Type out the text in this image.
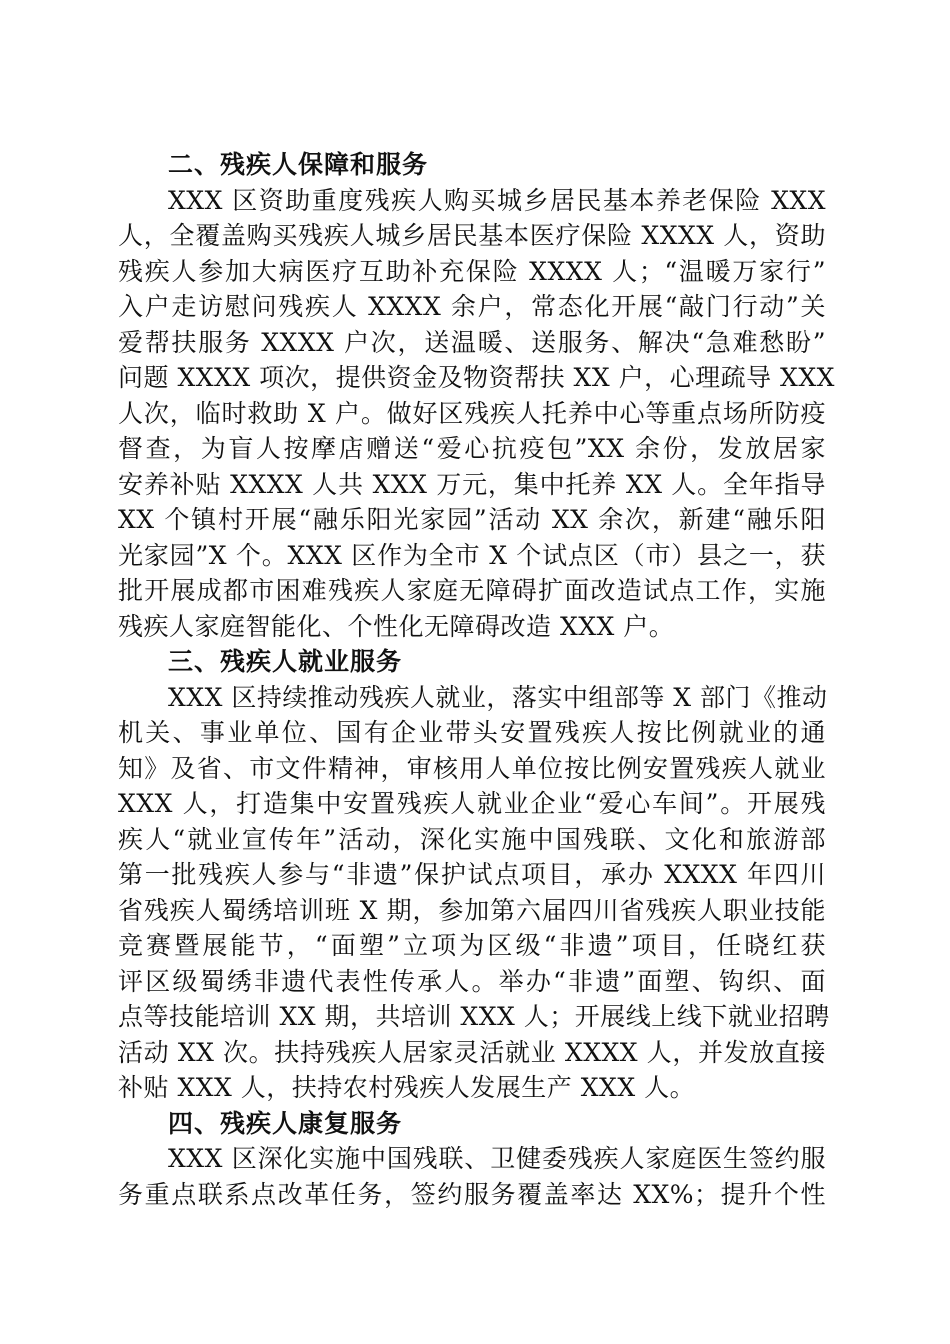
二、残疾人保障和服务
XXX 区资助重度残疾人购买城乡居民基本养老保险 XXX
人，全覆盖购买残疾人城乡居民基本医疗保险 XXXX 人，资助
残疾人参加大病医疗互助补充保险 XXXX 人；“温暖万家行”
入户走访慰问残疾人 XXXX 余户，常态化开展“敲门行动”关
爱帮扶服务 XXXX 户次，送温暖、送服务、解决“急难愁盼”
问题 XXXX 项次，提供资金及物资帮扶 XX 户，心理疏导 XXX
人次，临时救助 X 户。做好区残疾人托养中心等重点场所防疫
督查，为盲人按摩店赠送“爱心抗疫包”XX 余份，发放居家
安养补贴 XXXX 人共 XXX 万元，集中托养 XX 人。全年指导
XX 个镇村开展“融乐阳光家园”活动 XX 余次，新建“融乐阳
光家园”X 个。XXX 区作为全市 X 个试点区（市）县之一，获
批开展成都市困难残疾人家庭无障碍扩面改造试点工作，实施
残疾人家庭智能化、个性化无障碍改造 XXX 户。
三、残疾人就业服务
XXX 区持续推动残疾人就业，落实中组部等 X 部门《推动
机关、事业单位、国有企业带头安置残疾人按比例就业的通
知》及省、市文件精神，审核用人单位按比例安置残疾人就业
XXX 人，打造集中安置残疾人就业企业“爱心车间”。开展残
疾人“就业宣传年”活动，深化实施中国残联、文化和旅游部
第一批残疾人参与“非遗”保护试点项目，承办 XXXX 年四川
省残疾人蜀绣培训班 X 期，参加第六届四川省残疾人职业技能
竞赛暨展能节，“面塑”立项为区级“非遗”项目，任晓红获
评区级蜀绣非遗代表性传承人。举办“非遗”面塑、钩织、面
点等技能培训 XX 期，共培训 XXX 人；开展线上线下就业招聘
活动 XX 次。扶持残疾人居家灵活就业 XXXX 人，并发放直接
补贴 XXX 人，扶持农村残疾人发展生产 XXX 人。
四、残疾人康复服务
XXX 区深化实施中国残联、卫健委残疾人家庭医生签约服
务重点联系点改革任务，签约服务覆盖率达 XX%；提升个性
